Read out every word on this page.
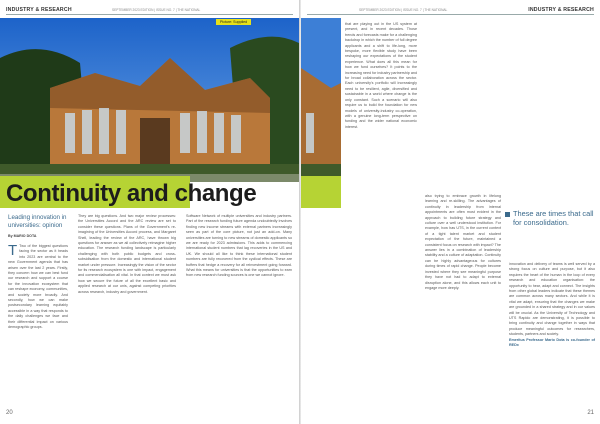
INDUSTRY & RESEARCH	SEPTEMBER 2023 EDITION | ISSUE NO. 7 | THE NATIONAL
Picture: Supplied
Continuity and change
Leading innovation in universities: opinion
By MARIO DOTA
T Two of the biggest questions facing the sector as it heads into 2023 are central to the new Government agenda that has arisen over the last 2 years. Firstly, they concern how we can best fund our research and support a course for the innovation ecosystem that can reshape economy, communities, and society more broadly. And secondly, how we can make postsecondary learning equitably accessible in a way that responds to the daily challenges we face and their differential impact on various demographic groups.
They are big questions. And two major review processes: the Universities Accord and the ARC review are set to consider these questions. Plans of the Government's re-imagining of the Universities Accord process, and Margaret Shell, leading the review of the ARC, have thrown big questions for answer as we all collectively reimagine higher education. The research funding landscape is particularly challenging with both public budgets and cross-subsidisation from the domestic and international student market under pressure. Increasingly the vision of the sector for its research ecosystem is one with impact, engagement and commercialisation all vital. In that context we must ask how we secure the future of all the excellent basic and applied research at our unis, against competing priorities across research, industry and government.
Software Network of multiple universities and industry partners. Part of the research funding future agenda undoubtedly involves finding new income streams with external partners increasingly seen as part of the core picture, not just an add-on. Many universities are turning to new streams of domestic applicants so we are ready for 2023 admissions. This adds to commencing international student numbers that lag recoveries in the US and UK. We should all like to think these international student numbers are fully recovered from the cyclical effects. These are buffers that hedge a recovery for all reinvestment going forward. What this means for universities is that the opportunities to earn from new research funding sources is one we cannot ignore.
20
SEPTEMBER 2023 EDITION | ISSUE NO. 7 | THE NATIONAL	INDUSTRY & RESEARCH
that are playing out in the US system at present, and in recent decades. Those trends and forecasts make for a challenging backdrop in which the number of full degree applicants and a shift to life-long, more bespoke, more flexible study have been reshaping our expectations of the student experience. What does all this mean for how we fund ourselves? It points to the increasing need for industry partnership and for broad collaboration across the sector. Each university's portfolio will increasingly need to be resilient, agile, diversified and sustainable in a world where change is the only constant. Such a scenario will also require us to build the foundation for new models of university-industry co-operation, with a genuine long-term perspective on funding and the wider national economic interest.
also trying to embrace growth in lifelong learning and re-skilling. The advantages of continuity in leadership from internal appointments are often most evident in the approach to building future strategy and culture over a well understood institution. For example, how has UTS, in the current context of a tight talent market and student expectation of the future, maintained a consistent focus on research with impact? The answer lies in a combination of leadership stability and a culture of adaptation. Continuity can be highly advantageous for cultures during times of rapid change. People become invested where they see meaningful purpose they have not had to adapt to external disruption alone, and this allows each unit to engage more deeply.
These are times that call for consolidation.
innovation and delivery of teams is well served by a strong focus on culture and purpose, but it also requires the heart of the human in the loop of every research and education organisation: the opportunity to hear, adapt and connect. The insights from other global leaders indicate that these themes are common across many sectors. And while it is vital we adapt, ensuring that the changes we make are grounded in a shared strategy and in our values will be crucial. As the University of Technology and UTS Rapido are demonstrating, it is possible to bring continuity and change together in ways that produce meaningful outcomes for researchers, students, partners and society.

Emeritus Professor Mario Dota is co-founder of REDx

21
